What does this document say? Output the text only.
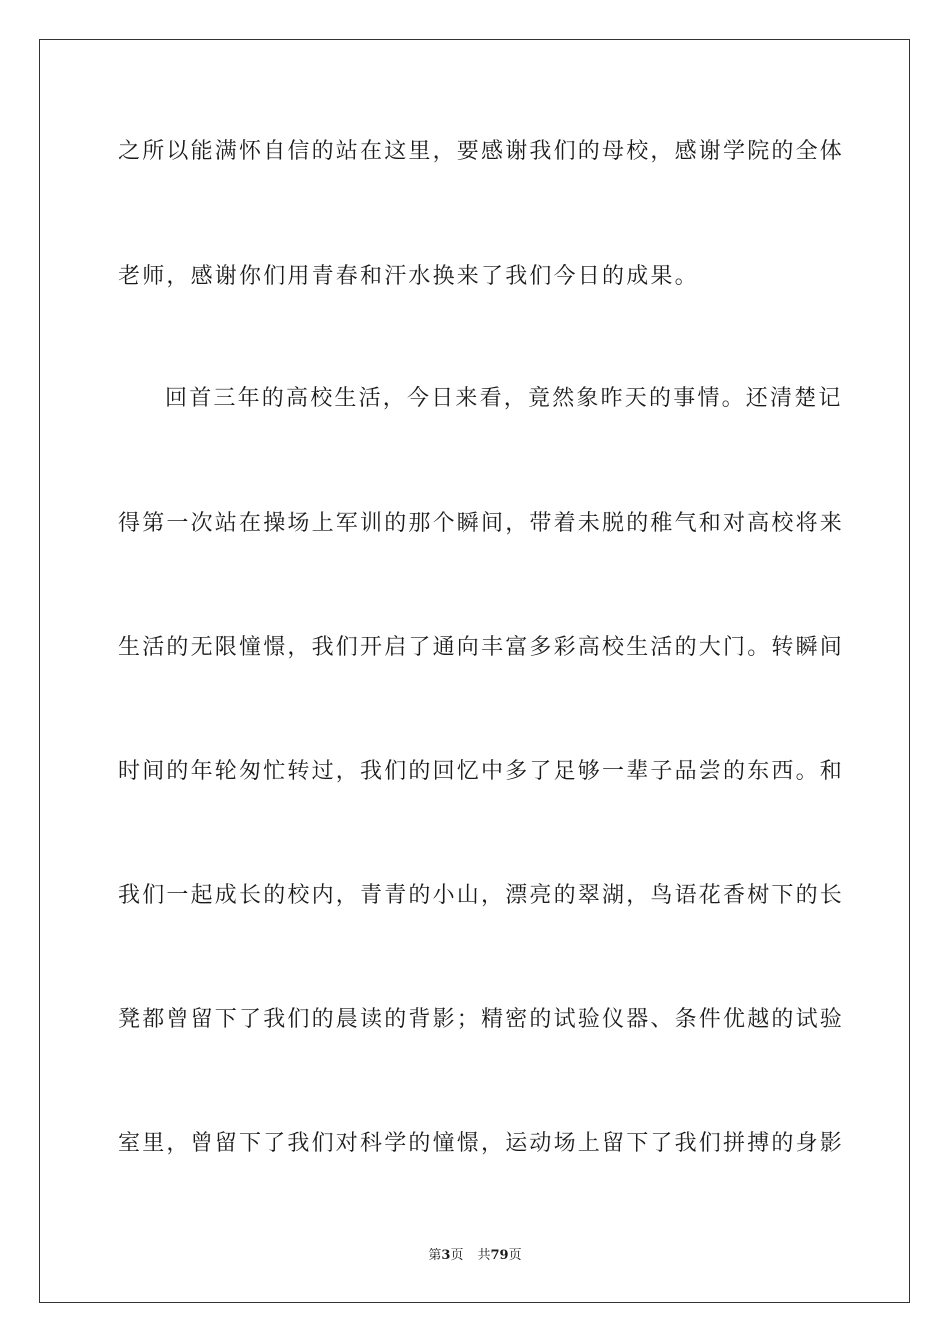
之所以能满怀自信的站在这里，要感谢我们的母校，感谢学院的全体
老师，感谢你们用青春和汗水换来了我们今日的成果。
回首三年的高校生活，今日来看，竟然象昨天的事情。还清楚记
得第一次站在操场上军训的那个瞬间，带着未脱的稚气和对高校将来
生活的无限憧憬，我们开启了通向丰富多彩高校生活的大门。转瞬间
时间的年轮匆忙转过，我们的回忆中多了足够一辈子品尝的东西。和
我们一起成长的校内，青青的小山，漂亮的翠湖，鸟语花香树下的长
凳都曾留下了我们的晨读的背影；精密的试验仪器、条件优越的试验
室里，曾留下了我们对科学的憧憬，运动场上留下了我们拼搏的身影
第3页 共79页
